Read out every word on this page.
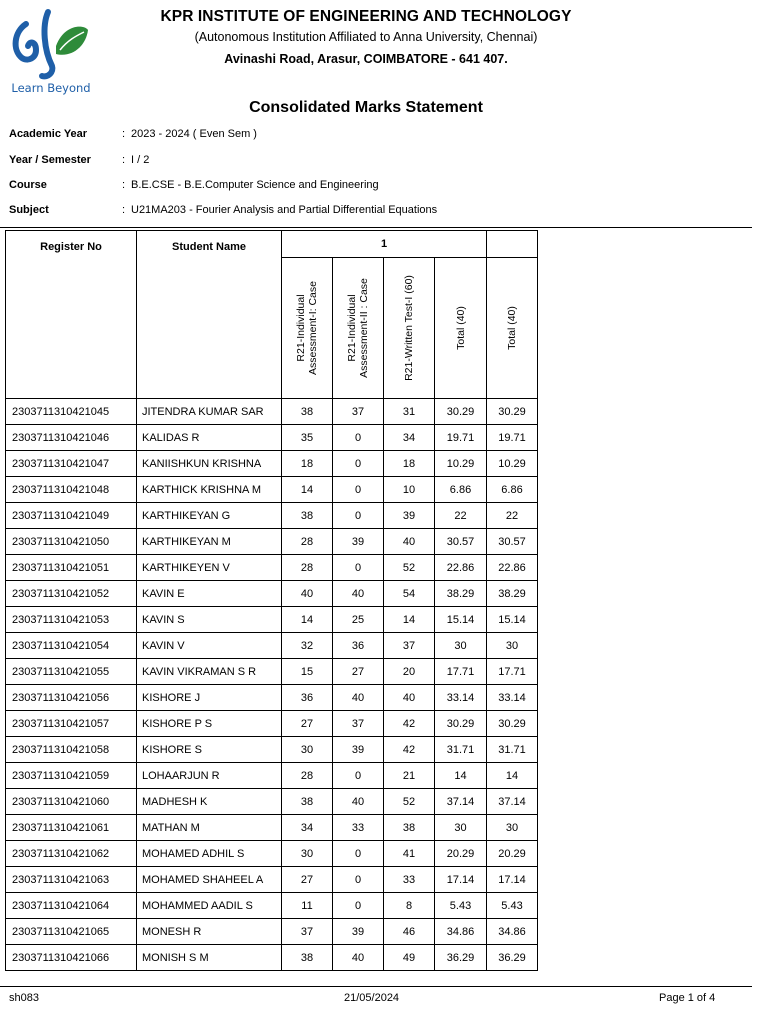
Learn Beyond
KPR INSTITUTE OF ENGINEERING AND TECHNOLOGY
(Autonomous Institution Affiliated to Anna University, Chennai)
Avinashi Road, Arasur, COIMBATORE - 641 407.
Consolidated Marks Statement
Academic Year	: 2023 - 2024 ( Even Sem )
Year / Semester	: I / 2
Course	: B.E.CSE - B.E.Computer Science and Engineering
Subject	: U21MA203 - Fourier Analysis and Partial Differential Equations
Register No	Student Name	1				

		R21-Individual Assessment-I: Case	R21-Individual Assessment-II : Case	R21-Written Test-I (60)	Total (40)	Total (40)

2303711310421045	JITENDRA KUMAR SAR	38	37	31	30.29	30.29
2303711310421046	KALIDAS R	35	0	34	19.71	19.71
2303711310421047	KANIISHKUN KRISHNA	18	0	18	10.29	10.29
2303711310421048	KARTHICK KRISHNA M	14	0	10	6.86	6.86
2303711310421049	KARTHIKEYAN G	38	0	39	22	22
2303711310421050	KARTHIKEYAN M	28	39	40	30.57	30.57
2303711310421051	KARTHIKEYEN V	28	0	52	22.86	22.86
2303711310421052	KAVIN E	40	40	54	38.29	38.29
2303711310421053	KAVIN S	14	25	14	15.14	15.14
2303711310421054	KAVIN V	32	36	37	30	30
2303711310421055	KAVIN VIKRAMAN S R	15	27	20	17.71	17.71
2303711310421056	KISHORE J	36	40	40	33.14	33.14
2303711310421057	KISHORE P S	27	37	42	30.29	30.29
2303711310421058	KISHORE S	30	39	42	31.71	31.71
2303711310421059	LOHAARJUN R	28	0	21	14	14
2303711310421060	MADHESH K	38	40	52	37.14	37.14
2303711310421061	MATHAN M	34	33	38	30	30
2303711310421062	MOHAMED ADHIL S	30	0	41	20.29	20.29
2303711310421063	MOHAMED SHAHEEL A	27	0	33	17.14	17.14
2303711310421064	MOHAMMED AADIL S	11	0	8	5.43	5.43
2303711310421065	MONESH R	37	39	46	34.86	34.86
2303711310421066	MONISH S M	38	40	49	36.29	36.29
sh083	21/05/2024	Page 1 of 4
